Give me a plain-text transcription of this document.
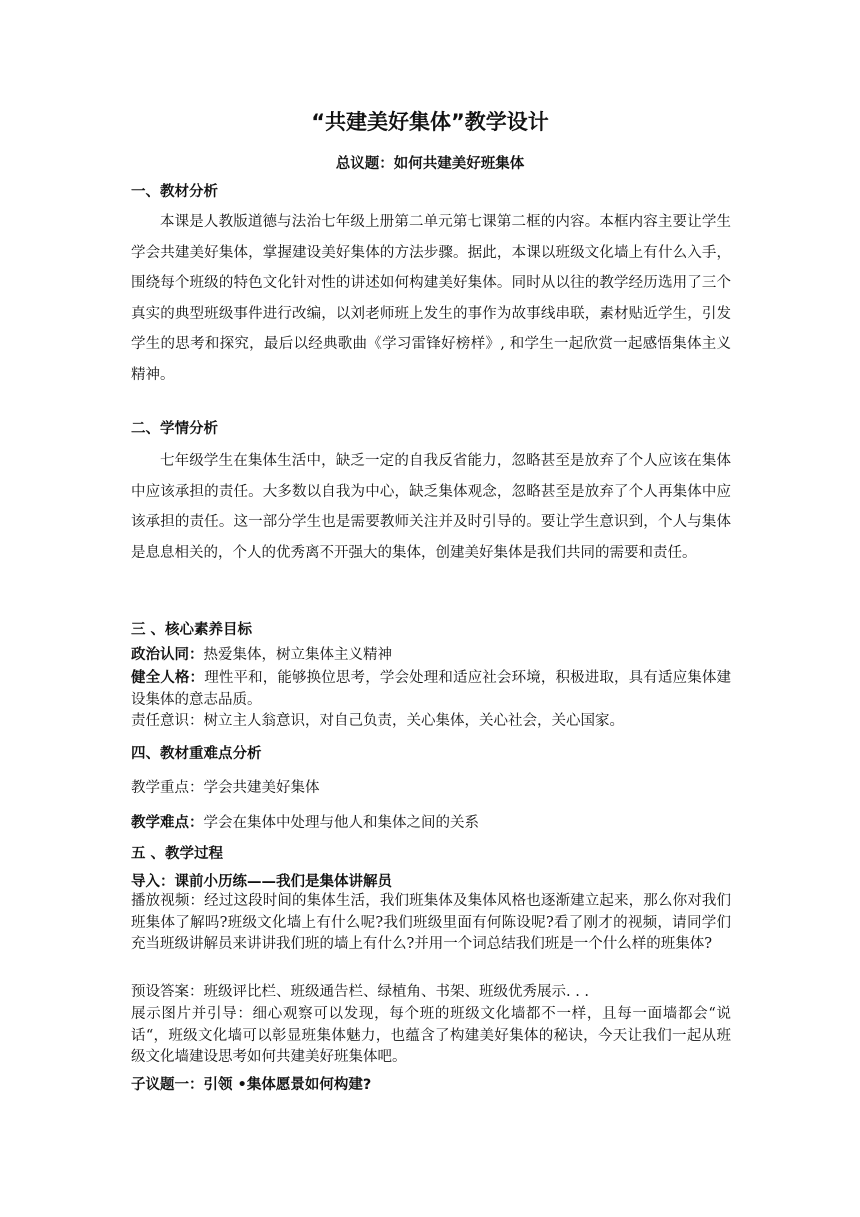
“共建美好集体”教学设计
总议题：如何共建美好班集体
一、教材分析

本课是人教版道德与法治七年级上册第二单元第七课第二框的内容。本框内容主要让学生学会共建美好集体，掌握建设美好集体的方法步骤。据此，本课以班级文化墙上有什么入手，围绕每个班级的特色文化针对性的讲述如何构建美好集体。同时从以往的教学经历选用了三个真实的典型班级事件进行改编，以刘老师班上发生的事作为故事线串联，素材贴近学生，引发学生的思考和探究，最后以经典歌曲《学习雷锋好榜样》, 和学生一起欣赏一起感悟集体主义精神。

二、学情分析

七年级学生在集体生活中，缺乏一定的自我反省能力，忽略甚至是放弃了个人应该在集体中应该承担的责任。大多数以自我为中心，缺乏集体观念，忽略甚至是放弃了个人再集体中应该承担的责任。这一部分学生也是需要教师关注并及时引导的。要让学生意识到，个人与集体是息息相关的，个人的优秀离不开强大的集体，创建美好集体是我们共同的需要和责任。

三 、核心素养目标

政治认同：热爱集体，树立集体主义精神

健全人格：理性平和，能够换位思考，学会处理和适应社会环境，积极进取，具有适应集体建设集体的意志品质。

责任意识：树立主人翁意识，对自己负责，关心集体，关心社会，关心国家。

四、教材重难点分析

教学重点：学会共建美好集体

教学难点：学会在集体中处理与他人和集体之间的关系

五 、教学过程
导入：课前小历练——我们是集体讲解员

播放视频：经过这段时间的集体生活，我们班集体及集体风格也逐渐建立起来，那么你对我们班集体了解吗?班级文化墙上有什么呢?我们班级里面有何陈设呢?看了刚才的视频，请同学们充当班级讲解员来讲讲我们班的墙上有什么?并用一个词总结我们班是一个什么样的班集体?

预设答案：班级评比栏、班级通告栏、绿植角、书架、班级优秀展示. . .

展示图片并引导：细心观察可以发现，每个班的班级文化墙都不一样，且每一面墙都会“说话“，班级文化墙可以彰显班集体魅力，也蕴含了构建美好集体的秘诀，今天让我们一起从班级文化墙建设思考如何共建美好班集体吧。

子议题一：引领 •集体愿景如何构建?
